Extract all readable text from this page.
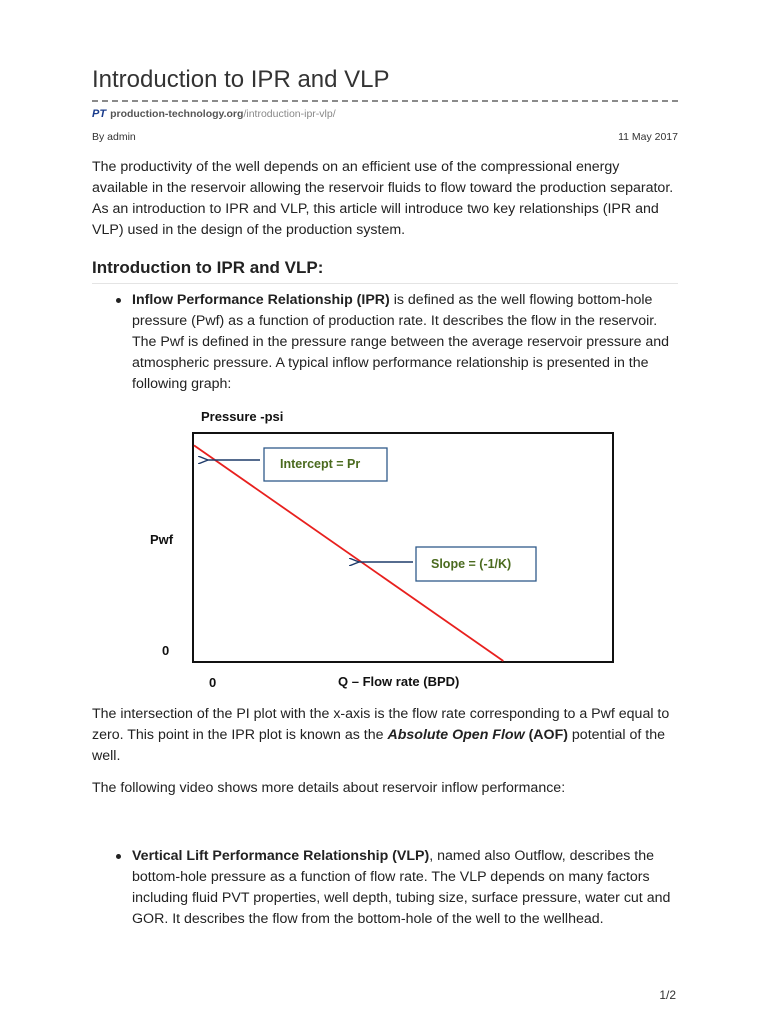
Introduction to IPR and VLP
PT production-technology.org/introduction-ipr-vlp/
By admin	11 May 2017

The productivity of the well depends on an efficient use of the compressional energy available in the reservoir allowing the reservoir fluids to flow toward the production separator. As an introduction to IPR and VLP, this article will introduce two key relationships (IPR and VLP) used in the design of the production system.

Introduction to IPR and VLP:
Inflow Performance Relationship (IPR) is defined as the well flowing bottom-hole pressure (Pwf) as a function of production rate. It describes the flow in the reservoir. The Pwf is defined in the pressure range between the average reservoir pressure and atmospheric pressure. A typical inflow performance relationship is presented in the following graph:

The intersection of the PI plot with the x-axis is the flow rate corresponding to a Pwf equal to zero. This point in the IPR plot is known as the Absolute Open Flow (AOF) potential of the well.

The following video shows more details about reservoir inflow performance:

Vertical Lift Performance Relationship (VLP), named also Outflow, describes the bottom-hole pressure as a function of flow rate. The VLP depends on many factors including fluid PVT properties, well depth, tubing size, surface pressure, water cut and GOR. It describes the flow from the bottom-hole of the well to the wellhead.
Pressure -psi
Pwf
0
0	Q – Flow rate (BPD)
Intercept = Pr
Slope = (-1/K)
1/2
